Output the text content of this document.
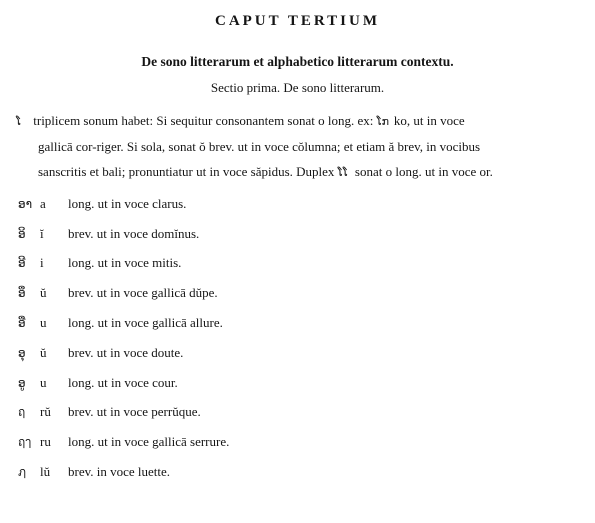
CAPUT TERTIUM
De sono litterarum et alphabetico litterarum contextu.
Sectio prima. De sono litterarum.
ໂ triplicem sonum habet: Si sequitur consonantem sonat o long. ex: ໂກ ko, ut in voce
gallicā cor-riger. Si sola, sonat ŏ brev. ut in voce cŏlumna; et etiam ă brev, in vocibus
sanscritis et bali; pronuntiatur ut in voce săpidus. Duplex ໂໂ sonat o long. ut in voce or.
ອາ a	long. ut in voce clarus.
ອິ	ĭ	brev. ut in voce domĭnus.
ອີ	i	long. ut in voce mitis.
ອຶ	ŭ	brev. ut in voce gallicā dŭpe.
ອື	u	long. ut in voce gallicā allure.
ອຸ	ŭ	brev. ut in voce doute.
ອູ	u	long. ut in voce cour.
ฤ	rŭ	brev. ut in voce perrŭque.
ฤๅ ru	long. ut in voce gallicā serrure.
ฦ	lŭ	brev. in voce luette.
